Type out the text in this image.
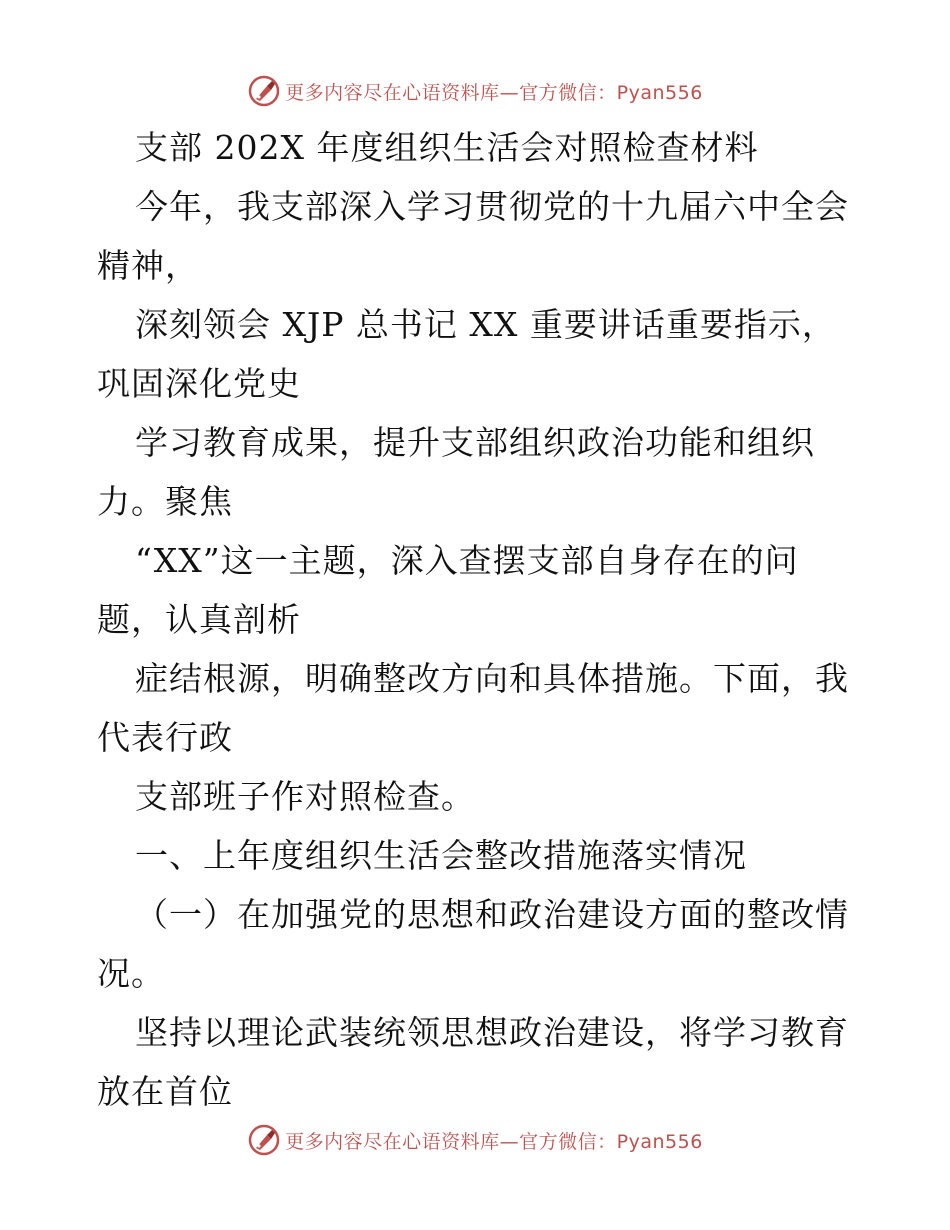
更多内容尽在心语资料库—官方微信：Pyan556
支部 202X 年度组织生活会对照检查材料
今年，我支部深入学习贯彻党的十九届六中全会
精神，
深刻领会 XJP 总书记 XX 重要讲话重要指示，
巩固深化党史
学习教育成果，提升支部组织政治功能和组织
力。聚焦
“XX”这一主题，深入查摆支部自身存在的问
题，认真剖析
症结根源，明确整改方向和具体措施。下面，我
代表行政
支部班子作对照检查。
一、上年度组织生活会整改措施落实情况
（一）在加强党的思想和政治建设方面的整改情
况。
坚持以理论武装统领思想政治建设，将学习教育
放在首位
更多内容尽在心语资料库—官方微信：Pyan556
